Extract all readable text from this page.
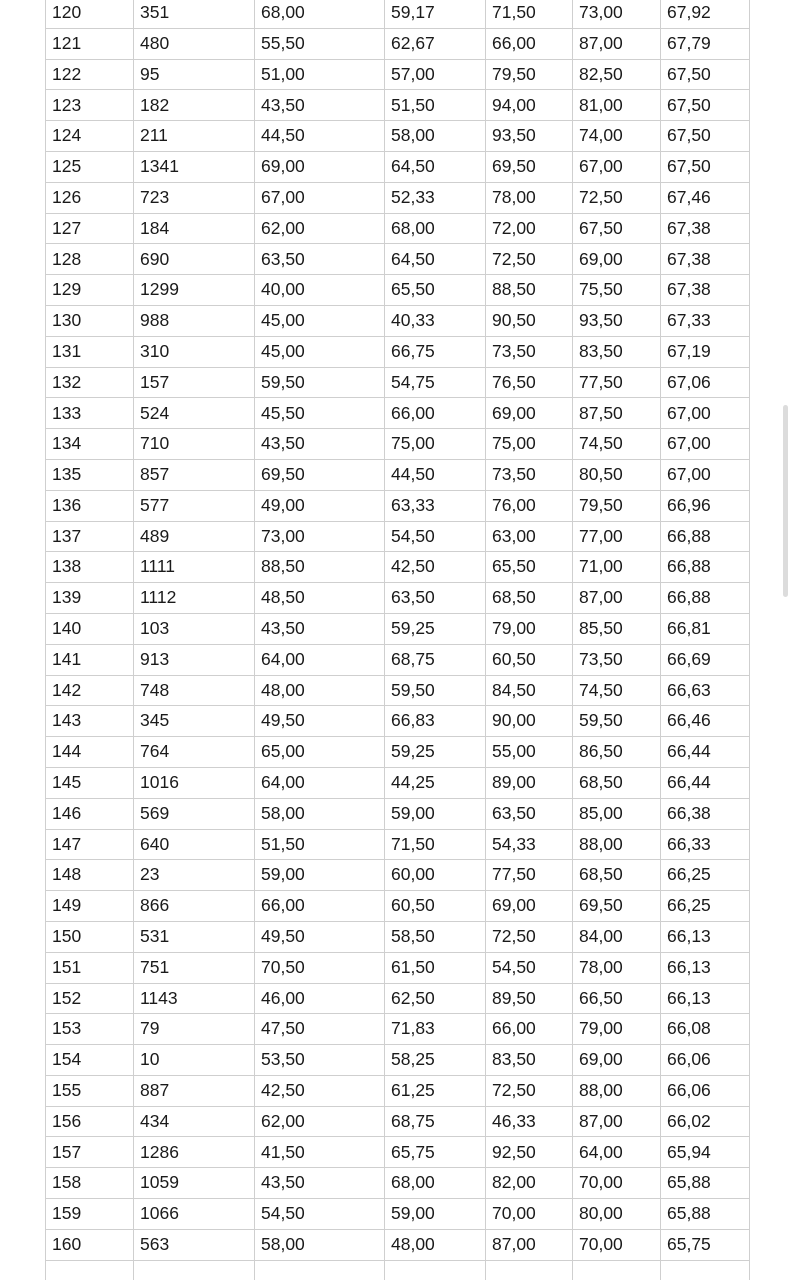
120	351	68,00	59,17	71,50	73,00	67,92
121	480	55,50	62,67	66,00	87,00	67,79
122	95	51,00	57,00	79,50	82,50	67,50
123	182	43,50	51,50	94,00	81,00	67,50
124	211	44,50	58,00	93,50	74,00	67,50
125	1341	69,00	64,50	69,50	67,00	67,50
126	723	67,00	52,33	78,00	72,50	67,46
127	184	62,00	68,00	72,00	67,50	67,38
128	690	63,50	64,50	72,50	69,00	67,38
129	1299	40,00	65,50	88,50	75,50	67,38
130	988	45,00	40,33	90,50	93,50	67,33
131	310	45,00	66,75	73,50	83,50	67,19
132	157	59,50	54,75	76,50	77,50	67,06
133	524	45,50	66,00	69,00	87,50	67,00
134	710	43,50	75,00	75,00	74,50	67,00
135	857	69,50	44,50	73,50	80,50	67,00
136	577	49,00	63,33	76,00	79,50	66,96
137	489	73,00	54,50	63,00	77,00	66,88
138	1111	88,50	42,50	65,50	71,00	66,88
139	1112	48,50	63,50	68,50	87,00	66,88
140	103	43,50	59,25	79,00	85,50	66,81
141	913	64,00	68,75	60,50	73,50	66,69
142	748	48,00	59,50	84,50	74,50	66,63
143	345	49,50	66,83	90,00	59,50	66,46
144	764	65,00	59,25	55,00	86,50	66,44
145	1016	64,00	44,25	89,00	68,50	66,44
146	569	58,00	59,00	63,50	85,00	66,38
147	640	51,50	71,50	54,33	88,00	66,33
148	23	59,00	60,00	77,50	68,50	66,25
149	866	66,00	60,50	69,00	69,50	66,25
150	531	49,50	58,50	72,50	84,00	66,13
151	751	70,50	61,50	54,50	78,00	66,13
152	1143	46,00	62,50	89,50	66,50	66,13
153	79	47,50	71,83	66,00	79,00	66,08
154	10	53,50	58,25	83,50	69,00	66,06
155	887	42,50	61,25	72,50	88,00	66,06
156	434	62,00	68,75	46,33	87,00	66,02
157	1286	41,50	65,75	92,50	64,00	65,94
158	1059	43,50	68,00	82,00	70,00	65,88
159	1066	54,50	59,00	70,00	80,00	65,88
160	563	58,00	48,00	87,00	70,00	65,75
